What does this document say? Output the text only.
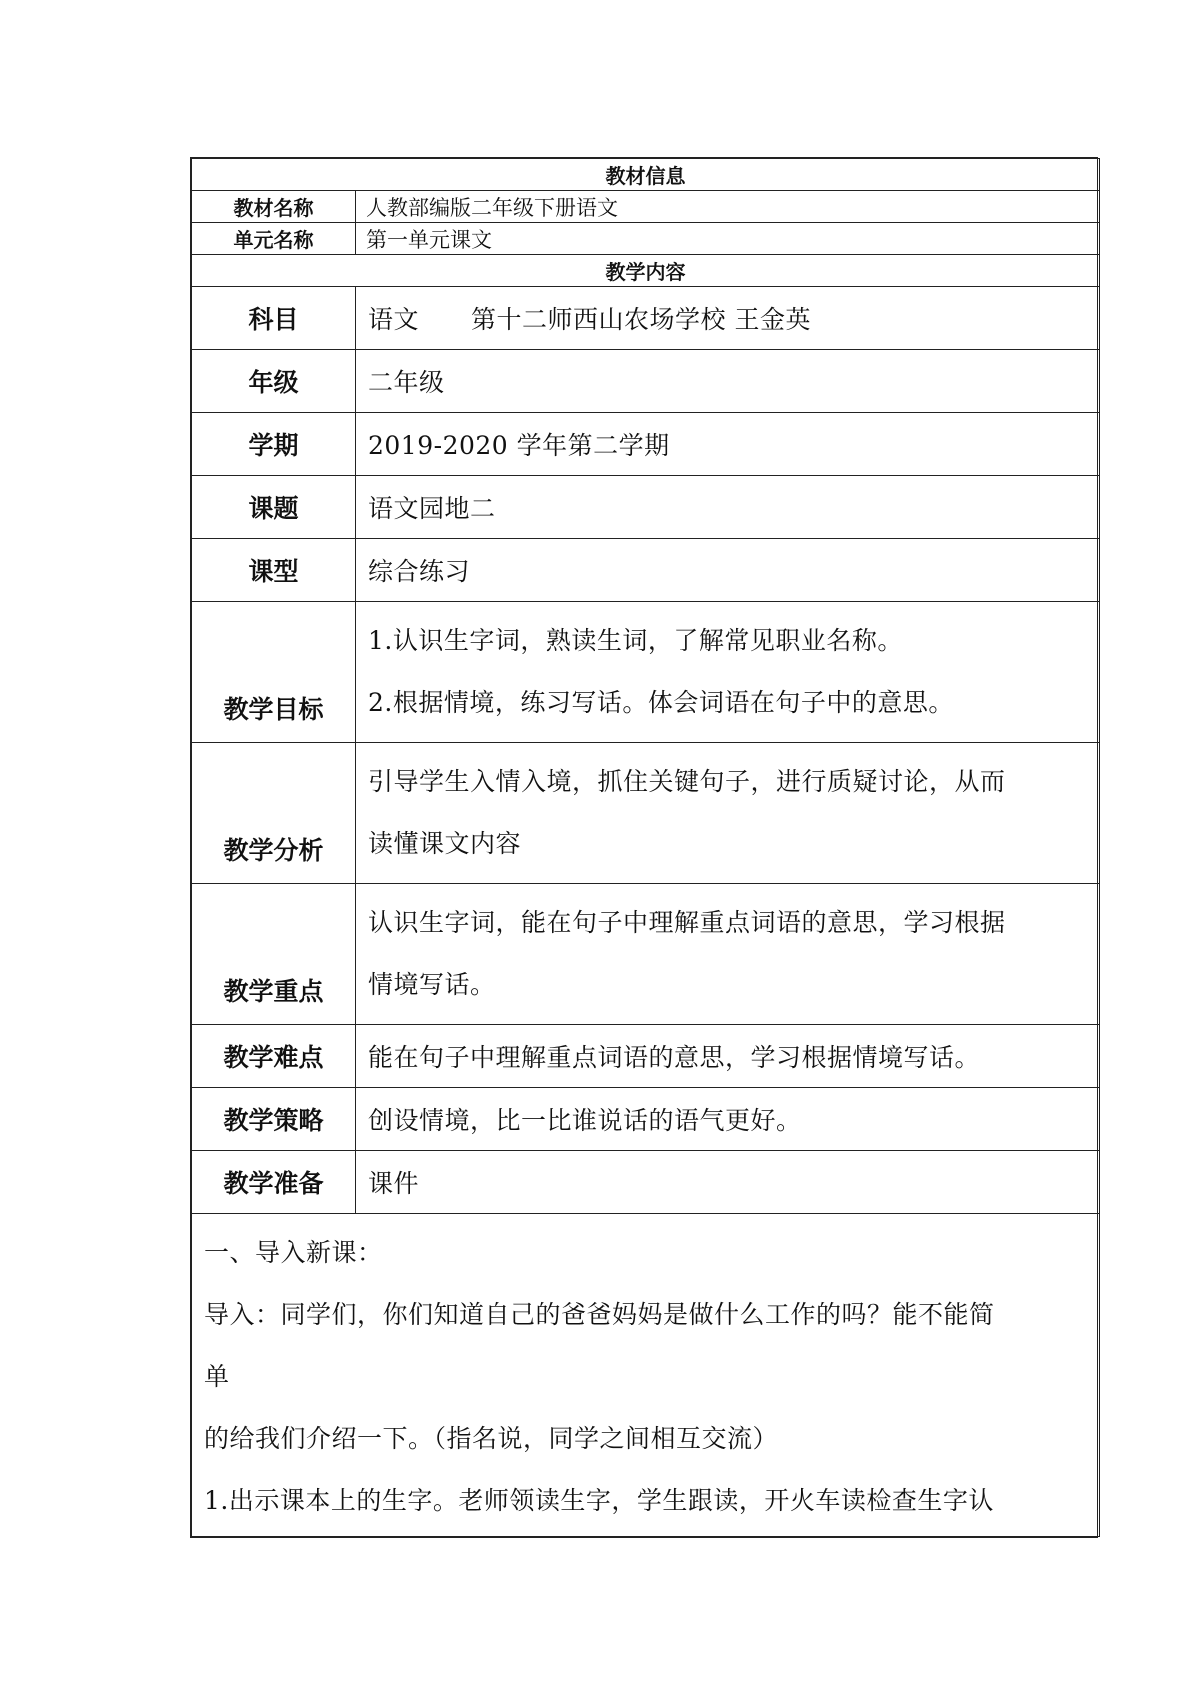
教材信息	
教材名称	人教部编版二年级下册语文
单元名称	第一单元课文
教学内容	
科目	语文 第十二师西山农场学校 王金英
年级	二年级
学期	2019-2020 学年第二学期
课题	语文园地二
课型	综合练习
教学目标	1.认识生字词，熟读生词，了解常见职业名称。
2.根据情境，练习写话。体会词语在句子中的意思。

教学分析	引导学生入情入境，抓住关键句子，进行质疑讨论，从而
读懂课文内容

教学重点	认识生字词，能在句子中理解重点词语的意思，学习根据
情境写话。

教学难点	能在句子中理解重点词语的意思，学习根据情境写话。
教学策略	创设情境，比一比谁说话的语气更好。
教学准备	课件

一、导入新课：

导入：同学们，你们知道自己的爸爸妈妈是做什么工作的吗？能不能简

单

的给我们介绍一下。（指名说，同学之间相互交流）

1.出示课本上的生字。老师领读生字，学生跟读，开火车读检查生字认	
